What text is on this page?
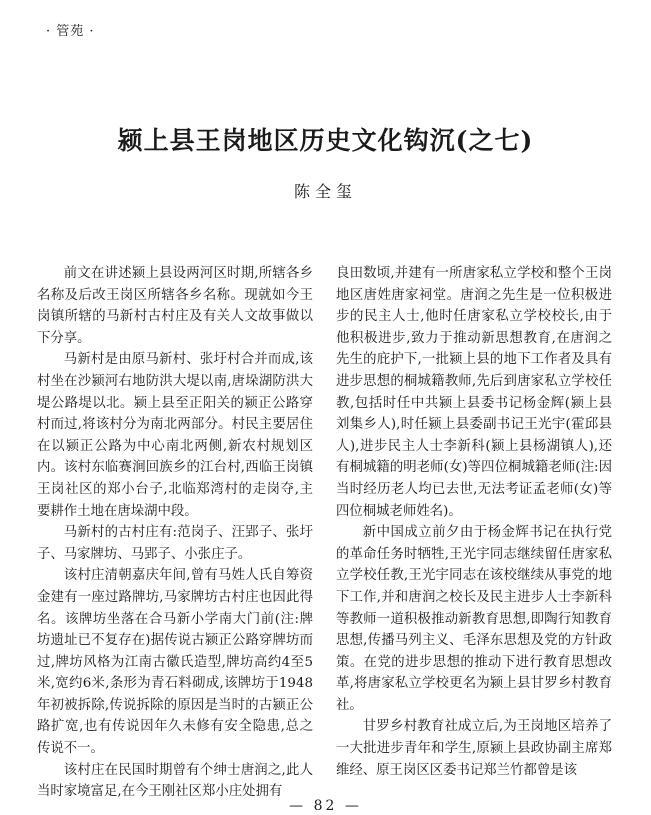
· 管苑 ·
颍上县王岗地区历史文化钩沉(之七)
陈全玺

前文在讲述颍上县设两河区时期,所辖各乡名称及后改王岗区所辖各乡名称。现就如今王岗镇所辖的马新村古村庄及有关人文故事做以下分享。

马新村是由原马新村、张圩村合并而成,该村坐在沙颍河右地防洪大堤以南,唐垛湖防洪大堤公路堤以北。颍上县至正阳关的颍正公路穿村而过,将该村分为南北两部分。村民主要居住在以颍正公路为中心南北两侧,新农村规划区内。该村东临赛涧回族乡的江台村,西临王岗镇王岗社区的郑小台子,北临郑湾村的走岗夺,主要耕作土地在唐垛湖中段。

马新村的古村庄有:范岗子、汪郢子、张圩子、马家牌坊、马郢子、小张庄子。

该村庄清朝嘉庆年间,曾有马姓人氏自筹资金建有一座过路牌坊,马家牌坊古村庄也因此得名。该牌坊坐落在合马新小学南大门前(注:牌坊遗址已不复存在)据传说古颍正公路穿牌坊而过,牌坊风格为江南古徽氏造型,牌坊高约4至5米,宽约6米,条形为青石料砌成,该牌坊于1948年初被拆除,传说拆除的原因是当时的古颍正公路扩宽,也有传说因年久未修有安全隐患,总之传说不一。

该村庄在民国时期曾有个绅士唐润之,此人当时家境富足,在今王刚社区郑小庄处拥有

良田数顷,并建有一所唐家私立学校和整个王岗地区唐姓唐家祠堂。唐润之先生是一位积极进步的民主人士,他时任唐家私立学校校长,由于他积极进步,致力于推动新思想教育,在唐润之先生的庇护下,一批颍上县的地下工作者及具有进步思想的桐城籍教师,先后到唐家私立学校任教,包括时任中共颍上县委书记杨金辉(颍上县刘集乡人),时任颍上县委副书记王光宇(霍邱县人),进步民主人士李新科(颍上县杨湖镇人),还有桐城籍的明老师(女)等四位桐城籍老师(注:因当时经历老人均已去世,无法考证孟老师(女)等四位桐城老师姓名)。

新中国成立前夕由于杨金辉书记在执行党的革命任务时牺牲,王光宇同志继续留任唐家私立学校任教,王光宇同志在该校继续从事党的地下工作,并和唐润之校长及民主进步人士李新科等教师一道积极推动新教育思想,即陶行知教育思想,传播马列主义、毛泽东思想及党的方针政策。在党的进步思想的推动下进行教育思想改革,将唐家私立学校更名为颍上县甘罗乡村教育社。

甘罗乡村教育社成立后,为王岗地区培养了一大批进步青年和学生,原颍上县政协副主席郑维经、原王岗区区委书记郑兰竹都曾是该

— 82 —
